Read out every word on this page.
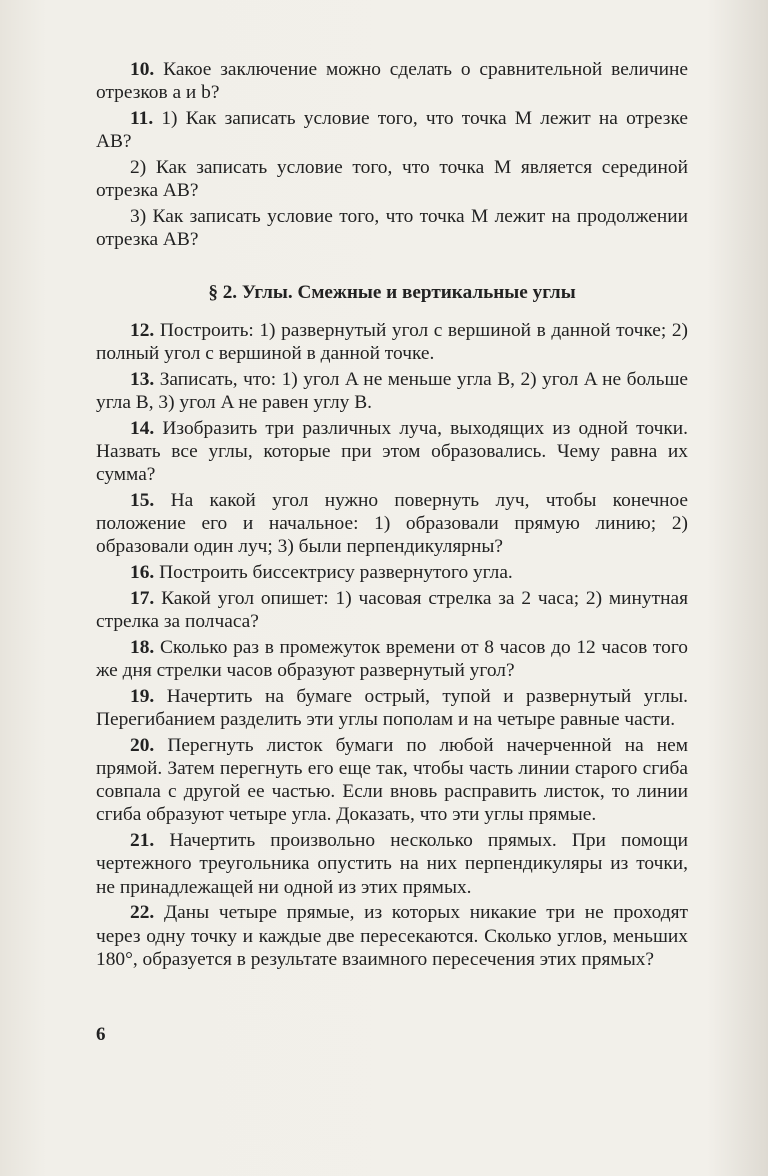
10. Какое заключение можно сделать о сравнительной величине отрезков a и b?

11. 1) Как записать условие того, что точка M лежит на отрезке AB?

2) Как записать условие того, что точка M является серединой отрезка AB?

3) Как записать условие того, что точка M лежит на продолжении отрезка AB?

§ 2. Углы. Смежные и вертикальные углы

12. Построить: 1) развернутый угол с вершиной в данной точке; 2) полный угол с вершиной в данной точке.

13. Записать, что: 1) угол A не меньше угла B, 2) угол A не больше угла B, 3) угол A не равен углу B.

14. Изобразить три различных луча, выходящих из одной точки. Назвать все углы, которые при этом образовались. Чему равна их сумма?

15. На какой угол нужно повернуть луч, чтобы конечное положение его и начальное: 1) образовали прямую линию; 2) образовали один луч; 3) были перпендикулярны?

16. Построить биссектрису развернутого угла.

17. Какой угол опишет: 1) часовая стрелка за 2 часа; 2) минутная стрелка за полчаса?

18. Сколько раз в промежуток времени от 8 часов до 12 часов того же дня стрелки часов образуют развернутый угол?

19. Начертить на бумаге острый, тупой и развернутый углы. Перегибанием разделить эти углы пополам и на четыре равные части.

20. Перегнуть листок бумаги по любой начерченной на нем прямой. Затем перегнуть его еще так, чтобы часть линии старого сгиба совпала с другой ее частью. Если вновь расправить листок, то линии сгиба образуют четыре угла. Доказать, что эти углы прямые.

21. Начертить произвольно несколько прямых. При помощи чертежного треугольника опустить на них перпендикуляры из точки, не принадлежащей ни одной из этих прямых.

22. Даны четыре прямые, из которых никакие три не проходят через одну точку и каждые две пересекаются. Сколько углов, меньших 180°, образуется в результате взаимного пересечения этих прямых?

6
